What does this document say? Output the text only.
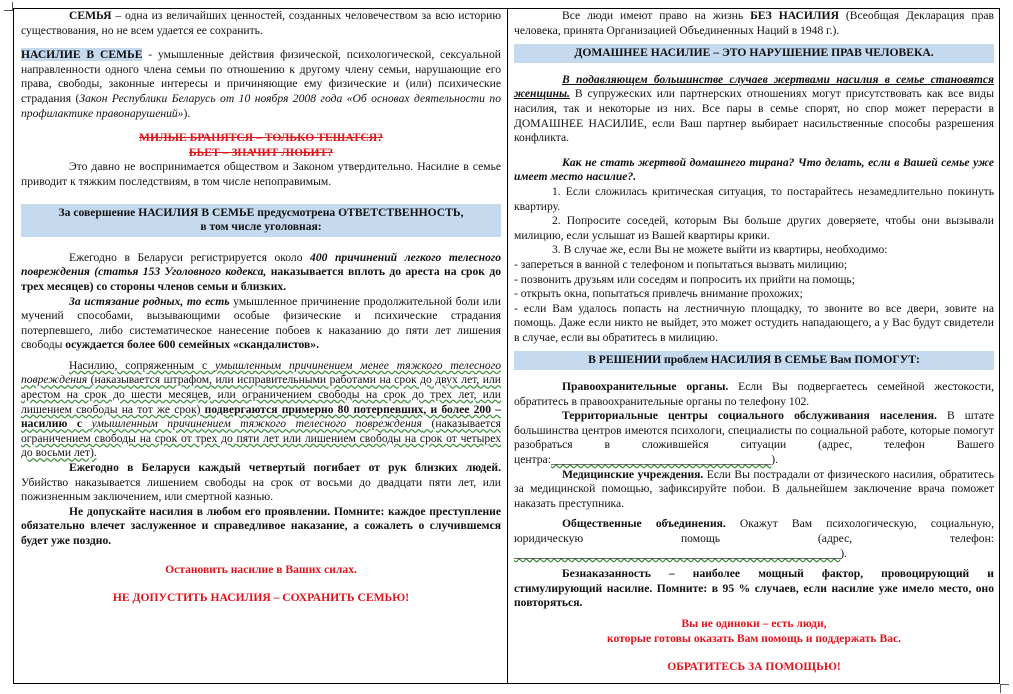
СЕМЬЯ – одна из величайших ценностей, созданных человечеством за всю историю существования, но не всем удается ее сохранить.

НАСИЛИЕ В СЕМЬЕ - умышленные действия физической, психологической, сексуальной направленности одного члена семьи по отношению к другому члену семьи, нарушающие его права, свободы, законные интересы и причиняющие ему физические и (или) психические страдания (Закон Республики Беларусь от 10 ноября 2008 года «Об основах деятельности по профилактике правонарушений»).

МИЛЫЕ БРАНЯТСЯ – ТОЛЬКО ТЕШАТСЯ?

БЬЕТ – ЗНАЧИТ ЛЮБИТ?

Это давно не воспринимается обществом и Законом утвердительно. Насилие в семье приводит к тяжким последствиям, в том числе непоправимым.

За совершение НАСИЛИЯ В СЕМЬЕ предусмотрена ОТВЕТСТВЕННОСТЬ,
в том числе уголовная:

Ежегодно в Беларуси регистрируется около 400 причинений легкого телесного повреждения (статья 153 Уголовного кодекса, наказывается вплоть до ареста на срок до трех месяцев) со стороны членов семьи и близких.

За истязание родных, то есть умышленное причинение продолжительной боли или мучений способами, вызывающими особые физические и психические страдания потерпевшего, либо систематическое нанесение побоев к наказанию до пяти лет лишения свободы осуждается более 600 семейных «скандалистов».

Насилию, сопряженным с умышленным причинением менее тяжкого телесного повреждения (наказывается штрафом, или исправительными работами на срок до двух лет, или арестом на срок до шести месяцев, или ограничением свободы на срок до трех лет, или лишением свободы на тот же срок) подвергаются примерно 80 потерпевших, и более 200 – насилию с умышленным причинением тяжкого телесного повреждения (наказывается ограничением свободы на срок от трех до пяти лет или лишением свободы на срок от четырех до восьми лет).

Ежегодно в Беларуси каждый четвертый погибает от рук близких людей. Убийство наказывается лишением свободы на срок от восьми до двадцати пяти лет, или пожизненным заключением, или смертной казнью.

Не допускайте насилия в любом его проявлении. Помните: каждое преступление обязательно влечет заслуженное и справедливое наказание, а сожалеть о случившемся будет уже поздно.

Остановить насилие в Ваших силах.

НЕ ДОПУСТИТЬ НАСИЛИЯ – СОХРАНИТЬ СЕМЬЮ!

Все люди имеют право на жизнь БЕЗ НАСИЛИЯ (Всеобщая Декларация прав человека, принята Организацией Объединенных Наций в 1948 г.).

ДОМАШНЕЕ НАСИЛИЕ – ЭТО НАРУШЕНИЕ ПРАВ ЧЕЛОВЕКА.

В подавляющем большинстве случаев жертвами насилия в семье становятся женщины. В супружеских или партнерских отношениях могут присутствовать как все виды насилия, так и некоторые из них. Все пары в семье спорят, но спор может перерасти в ДОМАШНЕЕ НАСИЛИЕ, если Ваш партнер выбирает насильственные способы разрешения конфликта.

Как не стать жертвой домашнего тирана? Что делать, если в Вашей семье уже имеет место насилие?.

1. Если сложилась критическая ситуация, то постарайтесь незамедлительно покинуть квартиру.

2. Попросите соседей, которым Вы больше других доверяете, чтобы они вызывали милицию, если услышат из Вашей квартиры крики.

3. В случае же, если Вы не можете выйти из квартиры, необходимо:

- запереться в ванной с телефоном и попытаться вызвать милицию;

- позвонить друзьям или соседям и попросить их прийти на помощь;

- открыть окна, попытаться привлечь внимание прохожих;

- если Вам удалось попасть на лестничную площадку, то звоните во все двери, зовите на помощь. Даже если никто не выйдет, это может остудить нападающего, а у Вас будут свидетели в случае, если вы обратитесь в милицию.

В РЕШЕНИИ проблем НАСИЛИЯ В СЕМЬЕ Вам ПОМОГУТ:

Правоохранительные органы. Если Вы подвергаетесь семейной жестокости, обратитесь в правоохранительные органы по телефону 102.

Территориальные центры социального обслуживания населения. В штате большинства центров имеются психологи, специалисты по социальной работе, которые помогут разобраться в сложившейся ситуации (адрес, телефон Вашего центра:______________________________________).

Медицинские учреждения. Если Вы пострадали от физического насилия, обратитесь за медицинской помощью, зафиксируйте побои. В дальнейшем заключение врача поможет наказать преступника.

Общественные объединения. Окажут Вам психологическую, социальную, юридическую помощь (адрес, телефон: ____________________________________________________________________).

Безнаказанность – наиболее мощный фактор, провоцирующий и стимулирующий насилие. Помните: в 95 % случаев, если насилие уже имело место, оно повторяться.

Вы не одиноки – есть люди,

которые готовы оказать Вам помощь и поддержать Вас.

ОБРАТИТЕСЬ ЗА ПОМОЩЬЮ!
